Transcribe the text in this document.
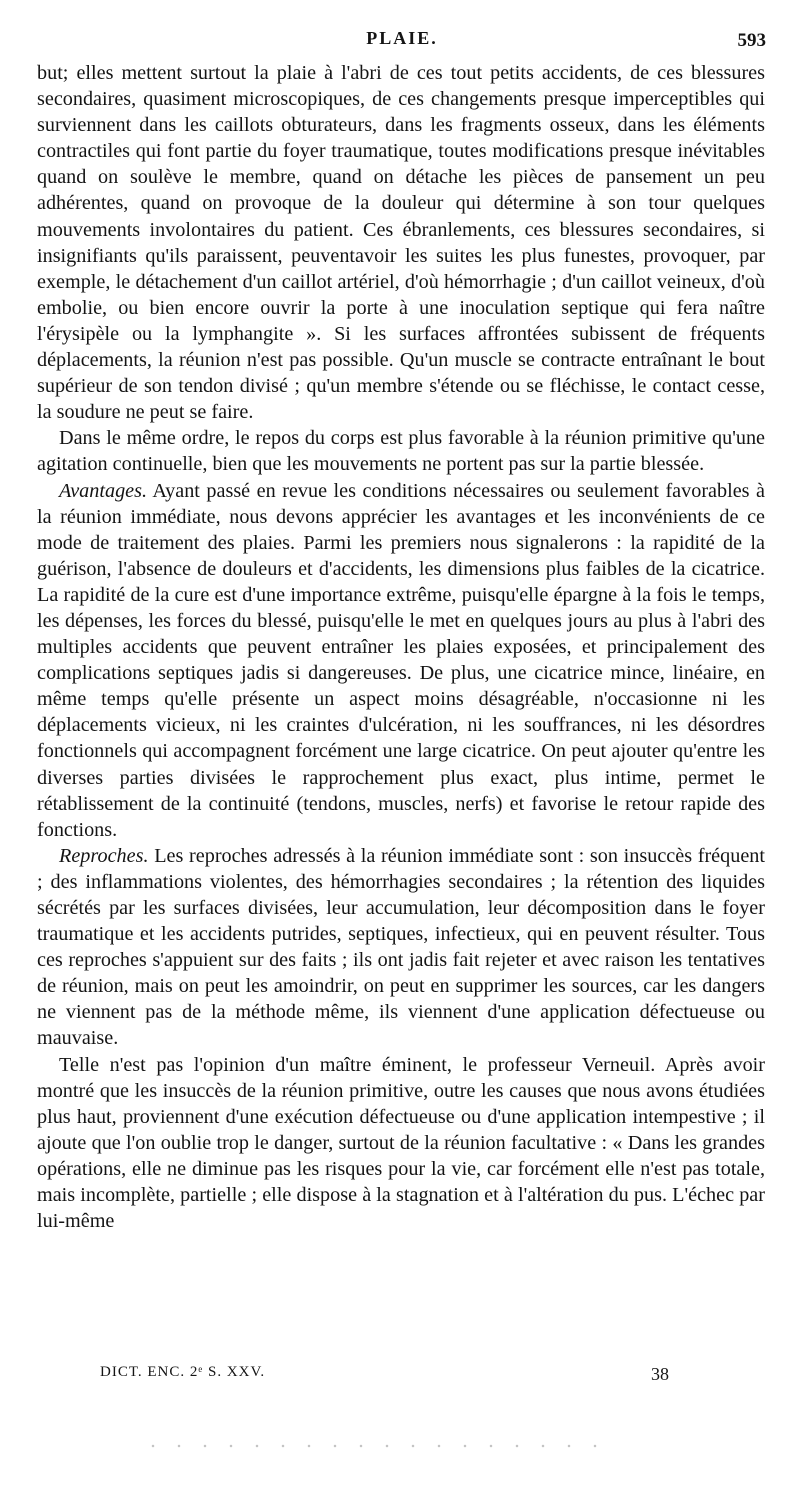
PLAIE.	593

but; elles mettent surtout la plaie à l'abri de ces tout petits accidents, de ces blessures secondaires, quasiment microscopiques, de ces changements presque imperceptibles qui surviennent dans les caillots obturateurs, dans les fragments osseux, dans les éléments contractiles qui font partie du foyer traumatique, toutes modifications presque inévitables quand on soulève le membre, quand on détache les pièces de pansement un peu adhérentes, quand on provoque de la douleur qui détermine à son tour quelques mouvements involontaires du patient. Ces ébranlements, ces blessures secondaires, si insignifiants qu'ils paraissent, peuventavoir les suites les plus funestes, provoquer, par exemple, le détachement d'un caillot artériel, d'où hémorrhagie ; d'un caillot veineux, d'où embolie, ou bien encore ouvrir la porte à une inoculation septique qui fera naître l'érysipèle ou la lymphangite ». Si les surfaces affrontées subissent de fréquents déplacements, la réunion n'est pas possible. Qu'un muscle se contracte entraînant le bout supérieur de son tendon divisé ; qu'un membre s'étende ou se fléchisse, le contact cesse, la soudure ne peut se faire.

Dans le même ordre, le repos du corps est plus favorable à la réunion primitive qu'une agitation continuelle, bien que les mouvements ne portent pas sur la partie blessée.

Avantages. Ayant passé en revue les conditions nécessaires ou seulement favorables à la réunion immédiate, nous devons apprécier les avantages et les inconvénients de ce mode de traitement des plaies. Parmi les premiers nous signalerons : la rapidité de la guérison, l'absence de douleurs et d'accidents, les dimensions plus faibles de la cicatrice. La rapidité de la cure est d'une importance extrême, puisqu'elle épargne à la fois le temps, les dépenses, les forces du blessé, puisqu'elle le met en quelques jours au plus à l'abri des multiples accidents que peuvent entraîner les plaies exposées, et principalement des complications septiques jadis si dangereuses. De plus, une cicatrice mince, linéaire, en même temps qu'elle présente un aspect moins désagréable, n'occasionne ni les déplacements vicieux, ni les craintes d'ulcération, ni les souffrances, ni les désordres fonctionnels qui accompagnent forcément une large cicatrice. On peut ajouter qu'entre les diverses parties divisées le rapprochement plus exact, plus intime, permet le rétablissement de la continuité (tendons, muscles, nerfs) et favorise le retour rapide des fonctions.

Reproches. Les reproches adressés à la réunion immédiate sont : son insuccès fréquent ; des inflammations violentes, des hémorrhagies secondaires ; la rétention des liquides sécrétés par les surfaces divisées, leur accumulation, leur décomposition dans le foyer traumatique et les accidents putrides, septiques, infectieux, qui en peuvent résulter. Tous ces reproches s'appuient sur des faits ; ils ont jadis fait rejeter et avec raison les tentatives de réunion, mais on peut les amoindrir, on peut en supprimer les sources, car les dangers ne viennent pas de la méthode même, ils viennent d'une application défectueuse ou mauvaise.

Telle n'est pas l'opinion d'un maître éminent, le professeur Verneuil. Après avoir montré que les insuccès de la réunion primitive, outre les causes que nous avons étudiées plus haut, proviennent d'une exécution défectueuse ou d'une application intempestive ; il ajoute que l'on oublie trop le danger, surtout de la réunion facultative : « Dans les grandes opérations, elle ne diminue pas les risques pour la vie, car forcément elle n'est pas totale, mais incomplète, partielle ; elle dispose à la stagnation et à l'altération du pus. L'échec par lui-même

DICT. ENC. 2ᵉ S. XXV.	38
